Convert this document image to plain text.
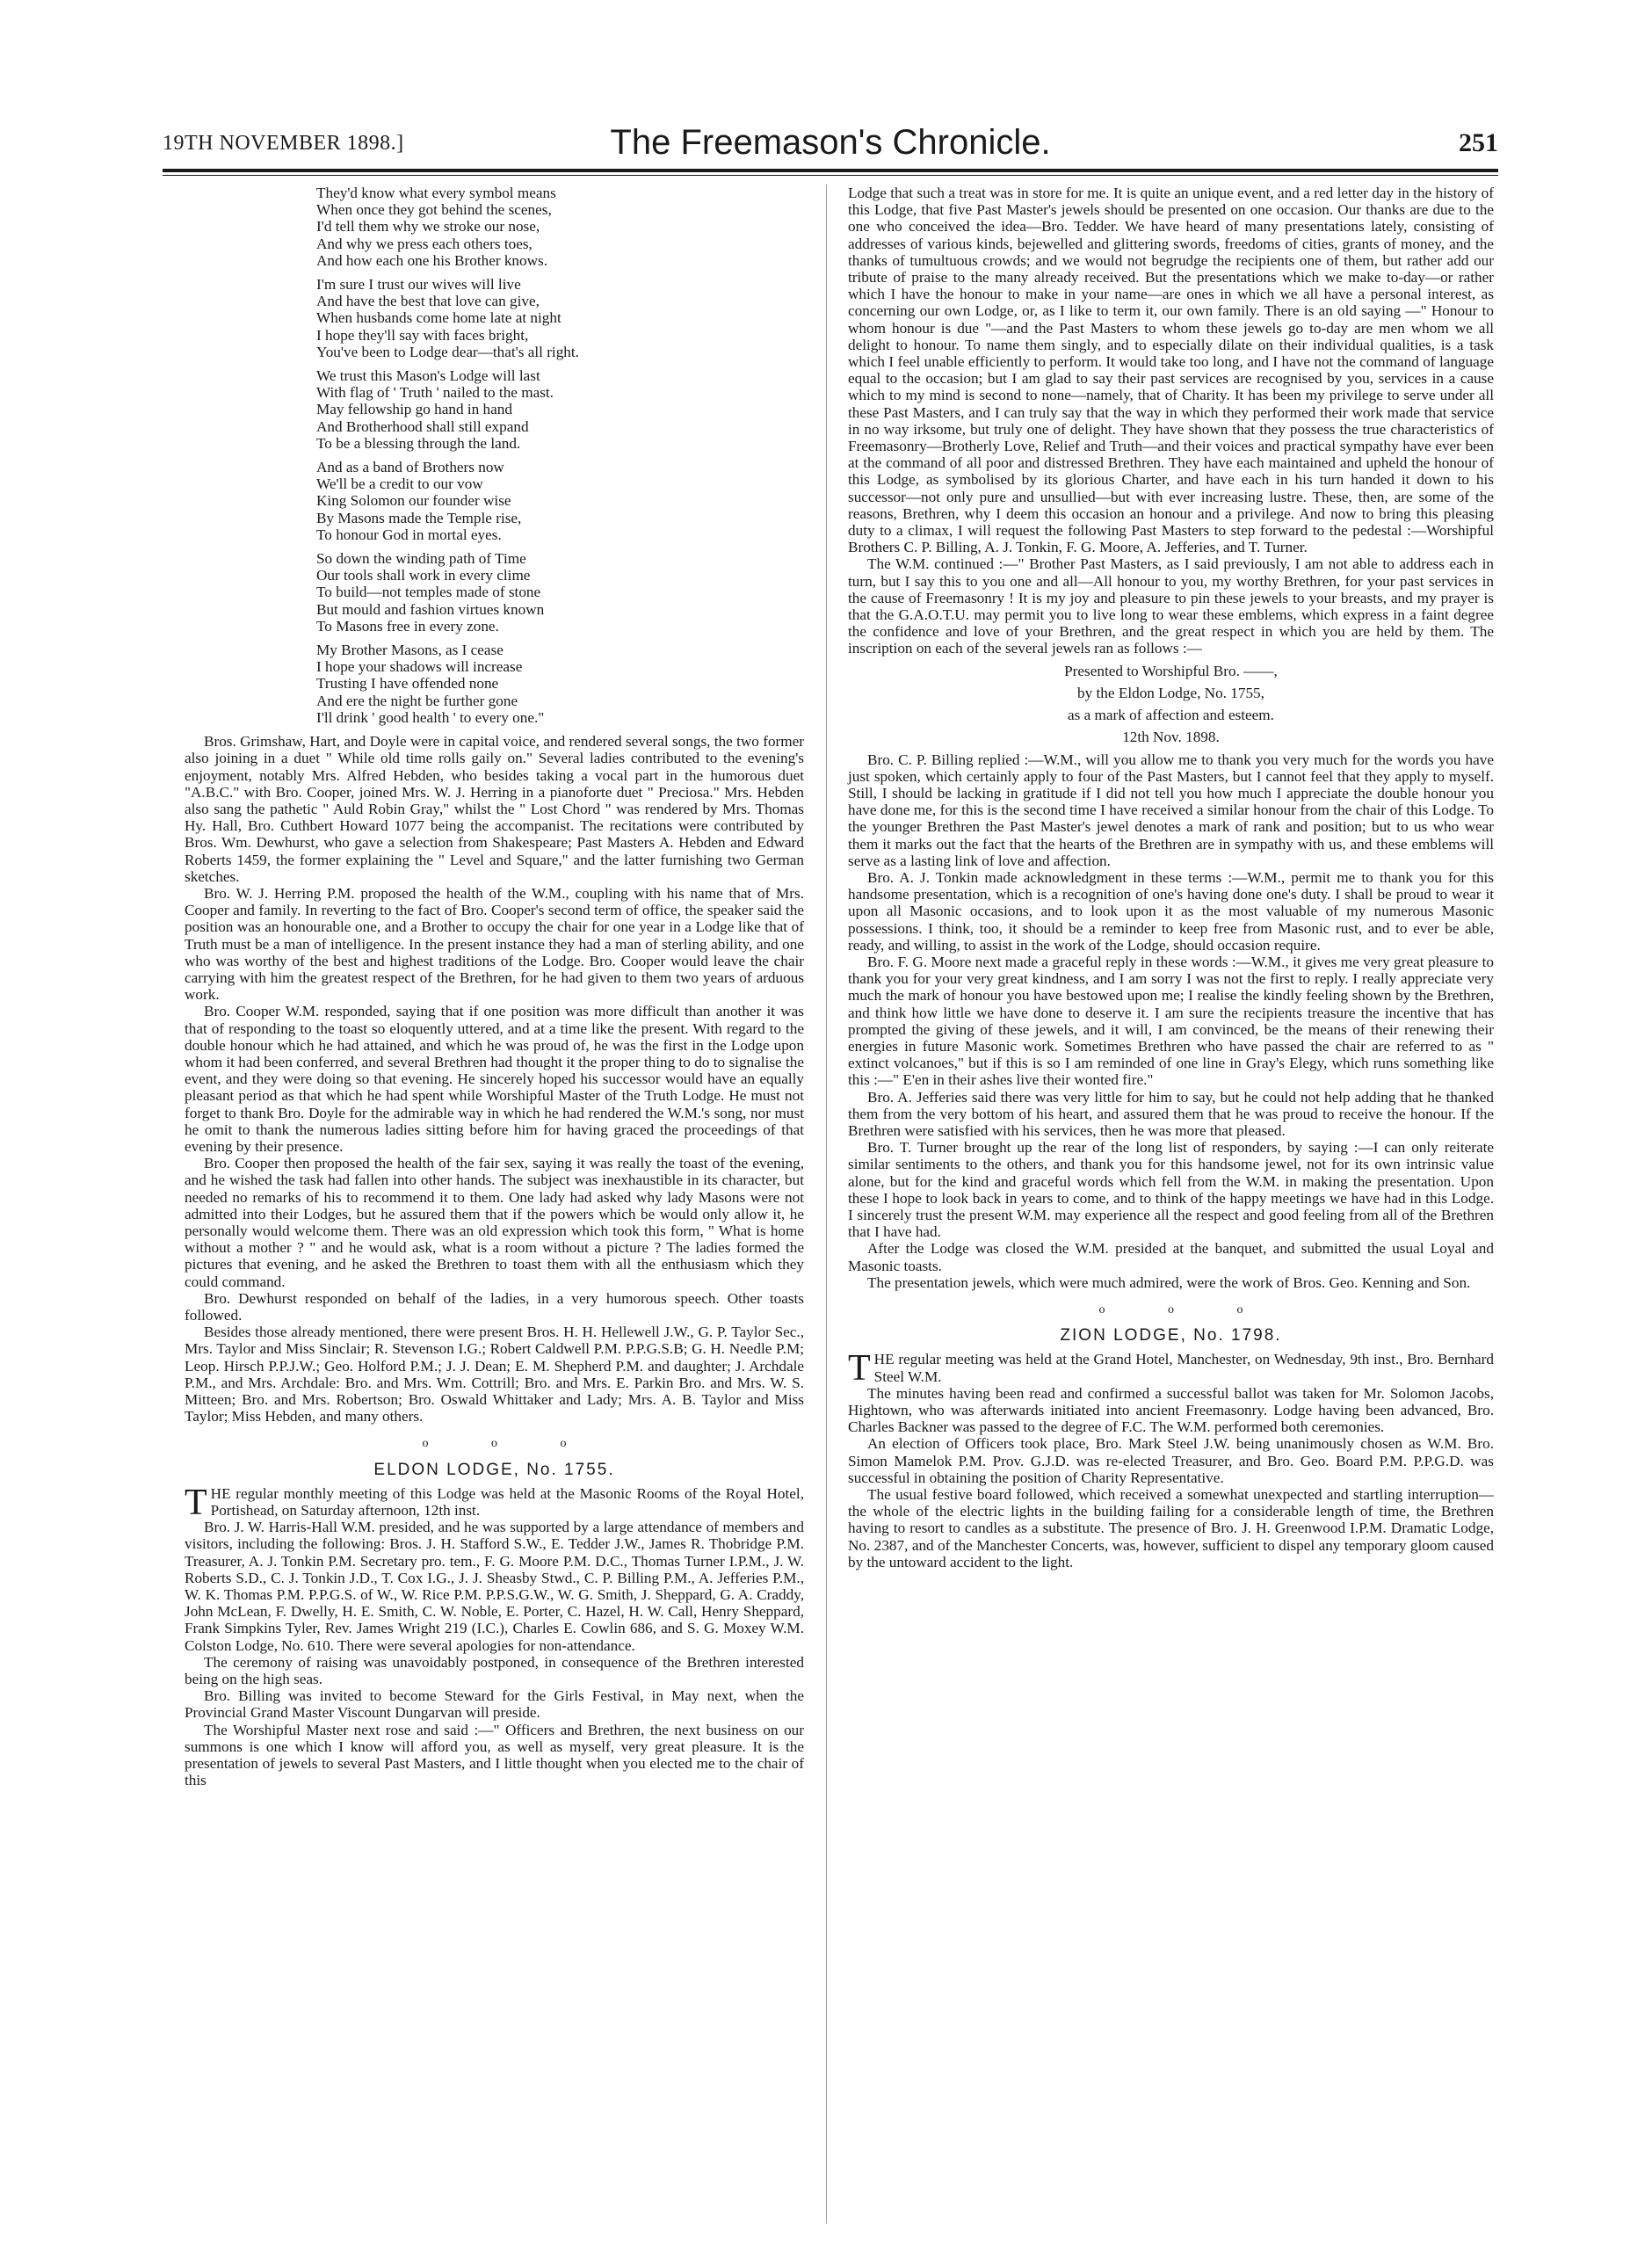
19TH NOVEMBER 1898.]	The Freemason's Chronicle.	251
They'd know what every symbol means
When once they got behind the scenes,
I'd tell them why we stroke our nose,
And why we press each others toes,
And how each one his Brother knows.
I'm sure I trust our wives will live
And have the best that love can give,
When husbands come home late at night
I hope they'll say with faces bright,
You've been to Lodge dear—that's all right.
We trust this Mason's Lodge will last
With flag of ' Truth ' nailed to the mast.
May fellowship go hand in hand
And Brotherhood shall still expand
To be a blessing through the land.
And as a band of Brothers now
We'll be a credit to our vow
King Solomon our founder wise
By Masons made the Temple rise,
To honour God in mortal eyes.
So down the winding path of Time
Our tools shall work in every clime
To build—not temples made of stone
But mould and fashion virtues known
To Masons free in every zone.
My Brother Masons, as I cease
I hope your shadows will increase
Trusting I have offended none
And ere the night be further gone
I'll drink ' good health ' to every one."

Bros. Grimshaw, Hart, and Doyle were in capital voice, and rendered several songs, the two former also joining in a duet " While old time rolls gaily on." Several ladies contributed to the evening's enjoyment, notably Mrs. Alfred Hebden, who besides taking a vocal part in the humorous duet "A.B.C." with Bro. Cooper, joined Mrs. W. J. Herring in a pianoforte duet " Preciosa." Mrs. Hebden also sang the pathetic " Auld Robin Gray," whilst the " Lost Chord " was rendered by Mrs. Thomas Hy. Hall, Bro. Cuthbert Howard 1077 being the accompanist. The recitations were contributed by Bros. Wm. Dewhurst, who gave a selection from Shakespeare; Past Masters A. Hebden and Edward Roberts 1459, the former explaining the " Level and Square," and the latter furnishing two German sketches.

Bro. W. J. Herring P.M. proposed the health of the W.M., coupling with his name that of Mrs. Cooper and family. In reverting to the fact of Bro. Cooper's second term of office, the speaker said the position was an honourable one, and a Brother to occupy the chair for one year in a Lodge like that of Truth must be a man of intelligence. In the present instance they had a man of sterling ability, and one who was worthy of the best and highest traditions of the Lodge. Bro. Cooper would leave the chair carrying with him the greatest respect of the Brethren, for he had given to them two years of arduous work.

Bro. Cooper W.M. responded, saying that if one position was more difficult than another it was that of responding to the toast so eloquently uttered, and at a time like the present. With regard to the double honour which he had attained, and which he was proud of, he was the first in the Lodge upon whom it had been conferred, and several Brethren had thought it the proper thing to do to signalise the event, and they were doing so that evening. He sincerely hoped his successor would have an equally pleasant period as that which he had spent while Worshipful Master of the Truth Lodge. He must not forget to thank Bro. Doyle for the admirable way in which he had rendered the W.M.'s song, nor must he omit to thank the numerous ladies sitting before him for having graced the proceedings of that evening by their presence.

Bro. Cooper then proposed the health of the fair sex, saying it was really the toast of the evening, and he wished the task had fallen into other hands. The subject was inexhaustible in its character, but needed no remarks of his to recommend it to them. One lady had asked why lady Masons were not admitted into their Lodges, but he assured them that if the powers which be would only allow it, he personally would welcome them. There was an old expression which took this form, " What is home without a mother ? " and he would ask, what is a room without a picture ? The ladies formed the pictures that evening, and he asked the Brethren to toast them with all the enthusiasm which they could command.

Bro. Dewhurst responded on behalf of the ladies, in a very humorous speech. Other toasts followed.

Besides those already mentioned, there were present Bros. H. H. Hellewell J.W., G. P. Taylor Sec., Mrs. Taylor and Miss Sinclair; R. Stevenson I.G.; Robert Caldwell P.M. P.P.G.S.B; G. H. Needle P.M; Leop. Hirsch P.P.J.W.; Geo. Holford P.M.; J. J. Dean; E. M. Shepherd P.M. and daughter; J. Archdale P.M., and Mrs. Archdale: Bro. and Mrs. Wm. Cottrill; Bro. and Mrs. E. Parkin Bro. and Mrs. W. S. Mitteen; Bro. and Mrs. Robertson; Bro. Oswald Whittaker and Lady; Mrs. A. B. Taylor and Miss Taylor; Miss Hebden, and many others.

o o o
ELDON LODGE, No. 1755.

THE regular monthly meeting of this Lodge was held at the Masonic Rooms of the Royal Hotel, Portishead, on Saturday afternoon, 12th inst.

Bro. J. W. Harris-Hall W.M. presided, and he was supported by a large attendance of members and visitors, including the following: Bros. J. H. Stafford S.W., E. Tedder J.W., James R. Thobridge P.M. Treasurer, A. J. Tonkin P.M. Secretary pro. tem., F. G. Moore P.M. D.C., Thomas Turner I.P.M., J. W. Roberts S.D., C. J. Tonkin J.D., T. Cox I.G., J. J. Sheasby Stwd., C. P. Billing P.M., A. Jefferies P.M., W. K. Thomas P.M. P.P.G.S. of W., W. Rice P.M. P.P.S.G.W., W. G. Smith, J. Sheppard, G. A. Craddy, John McLean, F. Dwelly, H. E. Smith, C. W. Noble, E. Porter, C. Hazel, H. W. Call, Henry Sheppard, Frank Simpkins Tyler, Rev. James Wright 219 (I.C.), Charles E. Cowlin 686, and S. G. Moxey W.M. Colston Lodge, No. 610. There were several apologies for non-attendance.

The ceremony of raising was unavoidably postponed, in consequence of the Brethren interested being on the high seas.

Bro. Billing was invited to become Steward for the Girls Festival, in May next, when the Provincial Grand Master Viscount Dungarvan will preside.

The Worshipful Master next rose and said :—" Officers and Brethren, the next business on our summons is one which I know will afford you, as well as myself, very great pleasure. It is the presentation of jewels to several Past Masters, and I little thought when you elected me to the chair of this

Lodge that such a treat was in store for me. It is quite an unique event, and a red letter day in the history of this Lodge, that five Past Master's jewels should be presented on one occasion. Our thanks are due to the one who conceived the idea—Bro. Tedder. We have heard of many presentations lately, consisting of addresses of various kinds, bejewelled and glittering swords, freedoms of cities, grants of money, and the thanks of tumultuous crowds; and we would not begrudge the recipients one of them, but rather add our tribute of praise to the many already received. But the presentations which we make to-day—or rather which I have the honour to make in your name—are ones in which we all have a personal interest, as concerning our own Lodge, or, as I like to term it, our own family. There is an old saying —" Honour to whom honour is due "—and the Past Masters to whom these jewels go to-day are men whom we all delight to honour. To name them singly, and to especially dilate on their individual qualities, is a task which I feel unable efficiently to perform. It would take too long, and I have not the command of language equal to the occasion; but I am glad to say their past services are recognised by you, services in a cause which to my mind is second to none—namely, that of Charity. It has been my privilege to serve under all these Past Masters, and I can truly say that the way in which they performed their work made that service in no way irksome, but truly one of delight. They have shown that they possess the true characteristics of Freemasonry—Brotherly Love, Relief and Truth—and their voices and practical sympathy have ever been at the command of all poor and distressed Brethren. They have each maintained and upheld the honour of this Lodge, as symbolised by its glorious Charter, and have each in his turn handed it down to his successor—not only pure and unsullied—but with ever increasing lustre. These, then, are some of the reasons, Brethren, why I deem this occasion an honour and a privilege. And now to bring this pleasing duty to a climax, I will request the following Past Masters to step forward to the pedestal :—Worshipful Brothers C. P. Billing, A. J. Tonkin, F. G. Moore, A. Jefferies, and T. Turner.

The W.M. continued :—" Brother Past Masters, as I said previously, I am not able to address each in turn, but I say this to you one and all—All honour to you, my worthy Brethren, for your past services in the cause of Freemasonry ! It is my joy and pleasure to pin these jewels to your breasts, and my prayer is that the G.A.O.T.U. may permit you to live long to wear these emblems, which express in a faint degree the confidence and love of your Brethren, and the great respect in which you are held by them. The inscription on each of the several jewels ran as follows :—

Presented to Worshipful Bro. ——,

by the Eldon Lodge, No. 1755,

as a mark of affection and esteem.

12th Nov. 1898.

Bro. C. P. Billing replied :—W.M., will you allow me to thank you very much for the words you have just spoken, which certainly apply to four of the Past Masters, but I cannot feel that they apply to myself. Still, I should be lacking in gratitude if I did not tell you how much I appreciate the double honour you have done me, for this is the second time I have received a similar honour from the chair of this Lodge. To the younger Brethren the Past Master's jewel denotes a mark of rank and position; but to us who wear them it marks out the fact that the hearts of the Brethren are in sympathy with us, and these emblems will serve as a lasting link of love and affection.

Bro. A. J. Tonkin made acknowledgment in these terms :—W.M., permit me to thank you for this handsome presentation, which is a recognition of one's having done one's duty. I shall be proud to wear it upon all Masonic occasions, and to look upon it as the most valuable of my numerous Masonic possessions. I think, too, it should be a reminder to keep free from Masonic rust, and to ever be able, ready, and willing, to assist in the work of the Lodge, should occasion require.

Bro. F. G. Moore next made a graceful reply in these words :—W.M., it gives me very great pleasure to thank you for your very great kindness, and I am sorry I was not the first to reply. I really appreciate very much the mark of honour you have bestowed upon me; I realise the kindly feeling shown by the Brethren, and think how little we have done to deserve it. I am sure the recipients treasure the incentive that has prompted the giving of these jewels, and it will, I am convinced, be the means of their renewing their energies in future Masonic work. Sometimes Brethren who have passed the chair are referred to as " extinct volcanoes," but if this is so I am reminded of one line in Gray's Elegy, which runs something like this :—" E'en in their ashes live their wonted fire."

Bro. A. Jefferies said there was very little for him to say, but he could not help adding that he thanked them from the very bottom of his heart, and assured them that he was proud to receive the honour. If the Brethren were satisfied with his services, then he was more that pleased.

Bro. T. Turner brought up the rear of the long list of responders, by saying :—I can only reiterate similar sentiments to the others, and thank you for this handsome jewel, not for its own intrinsic value alone, but for the kind and graceful words which fell from the W.M. in making the presentation. Upon these I hope to look back in years to come, and to think of the happy meetings we have had in this Lodge. I sincerely trust the present W.M. may experience all the respect and good feeling from all of the Brethren that I have had.

After the Lodge was closed the W.M. presided at the banquet, and submitted the usual Loyal and Masonic toasts.

The presentation jewels, which were much admired, were the work of Bros. Geo. Kenning and Son.

o o o
ZION LODGE, No. 1798.

THE regular meeting was held at the Grand Hotel, Manchester, on Wednesday, 9th inst., Bro. Bernhard Steel W.M.

The minutes having been read and confirmed a successful ballot was taken for Mr. Solomon Jacobs, Hightown, who was afterwards initiated into ancient Freemasonry. Lodge having been advanced, Bro. Charles Backner was passed to the degree of F.C. The W.M. performed both ceremonies.

An election of Officers took place, Bro. Mark Steel J.W. being unanimously chosen as W.M. Bro. Simon Mamelok P.M. Prov. G.J.D. was re-elected Treasurer, and Bro. Geo. Board P.M. P.P.G.D. was successful in obtaining the position of Charity Representative.

The usual festive board followed, which received a somewhat unexpected and startling interruption—the whole of the electric lights in the building failing for a considerable length of time, the Brethren having to resort to candles as a substitute. The presence of Bro. J. H. Greenwood I.P.M. Dramatic Lodge, No. 2387, and of the Manchester Concerts, was, however, sufficient to dispel any temporary gloom caused by the untoward accident to the light.
